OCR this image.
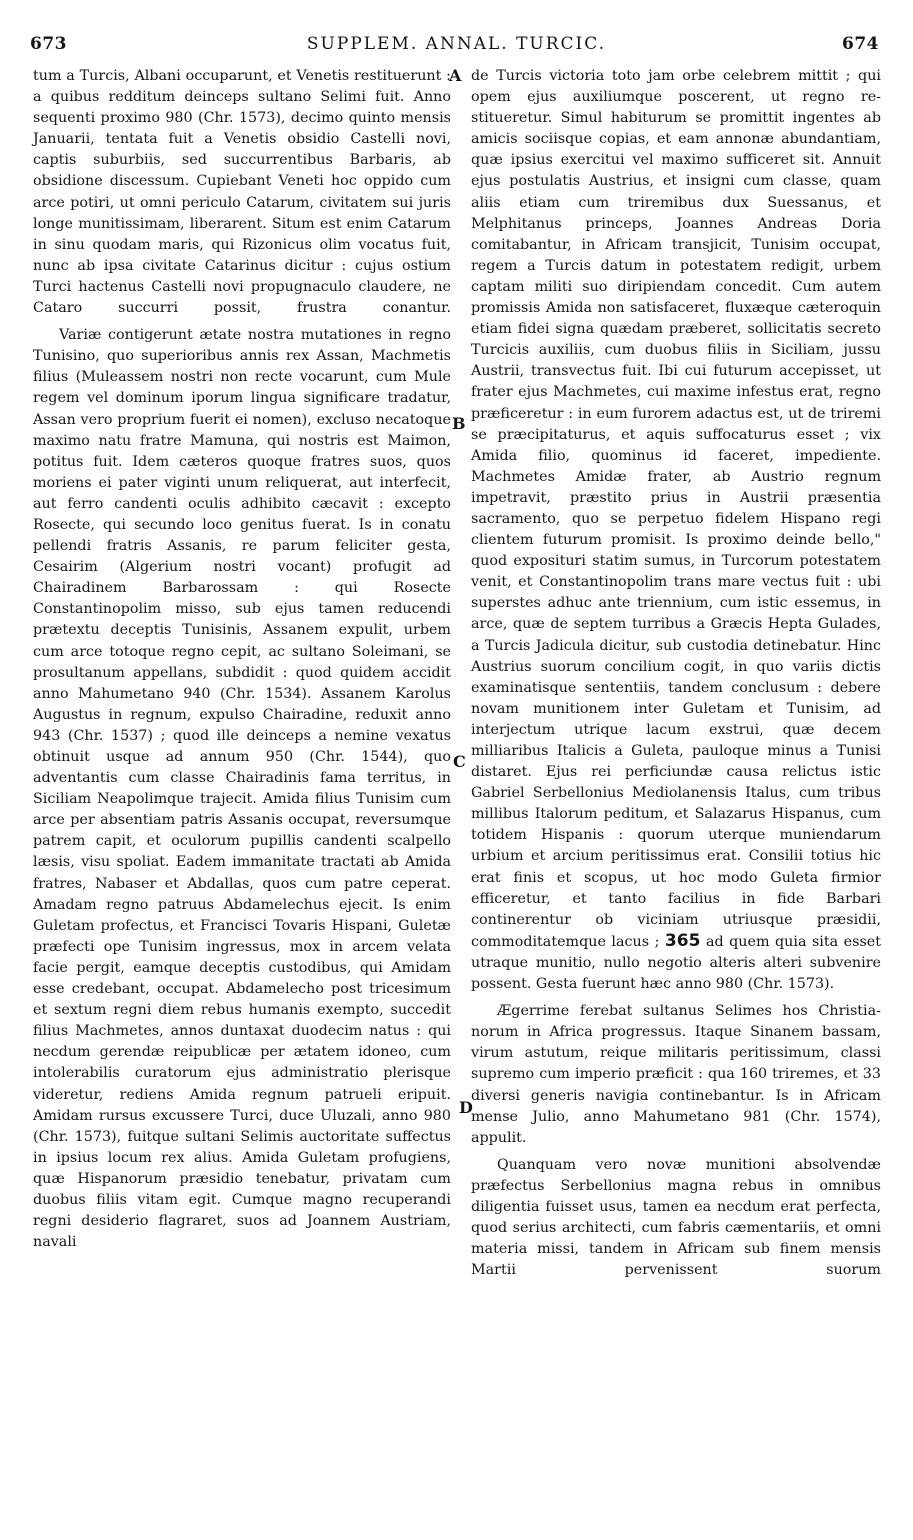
673	SUPPLEM. ANNAL. TURCIC.	674

tum a Turcis, Albani occuparunt, et Venetis restituerunt : a quibus redditum deinceps sultano Selimi fuit. Anno sequenti proximo 980 (Chr. 1573), decimo quinto mensis Januarii, tentata fuit a Venetis obsidio Castelli novi, captis suburbiis, sed succurrentibus Barbaris, ab obsidione discessum. Cupiebant Veneti hoc oppido cum arce potiri, ut omni periculo Catarum, civitatem sui juris longe munitissimam, liberarent. Situm est enim Catarum in sinu quodam maris, qui Rizonicus olim vocatus fuit, nunc ab ipsa civitate Catarinus dicitur : cujus ostium Turci hactenus Castelli novi propugnaculo claudere, ne Cataro succurri possit, frustra conantur.

Variæ contigerunt ætate nostra mutationes in regno Tunisino, quo superioribus annis rex Assan, Machmetis filius (Muleassem nostri non recte vocarunt, cum Mule regem vel dominum iporum lingua significare tradatur, Assan vero proprium fuerit ei nomen), excluso necatoque maximo natu fratre Mamuna, qui nostris est Maimon, potitus fuit. Idem cæteros quoque fratres suos, quos moriens ei pater viginti unum reliquerat, aut interfecit, aut ferro candenti oculis adhibito cæcavit : excepto Rosecte, qui secundo loco genitus fuerat. Is in conatu pellendi fratris Assanis, re parum feliciter gesta, Cesairim (Algerium nostri vocant) profugit ad Chairadinem Barbarossam : qui Rosecte Constantinopolim misso, sub ejus tamen reducendi prætextu deceptis Tunisinis, Assanem expulit, urbem cum arce totoque regno cepit, ac sultano Soleimani, se prosultanum appellans, subdidit : quod quidem accidit anno Mahumetano 940 (Chr. 1534). Assanem Karolus Augustus in regnum, expulso Chairadine, reduxit anno 943 (Chr. 1537) ; quod ille deinceps a nemine vexatus obtinuit usque ad annum 950 (Chr. 1544), quo adventantis cum classe Chairadinis fama territus, in Siciliam Neapolimque trajecit. Amida filius Tunisim cum arce per absentiam patris Assanis occupat, reversumque patrem capit, et oculorum pupillis candenti scalpello læsis, visu spoliat. Eadem immanitate tractati ab Amida fratres, Nabaser et Abdallas, quos cum patre ceperat. Amadam regno patruus Abdamelechus ejecit. Is enim Guletam profectus, et Francisci Tovaris Hispani, Guletæ præfecti ope Tunisim ingressus, mox in arcem velata facie pergit, eamque deceptis custodibus, qui Amidam esse credebant, occupat. Abdamelecho post tricesimum et sextum regni diem rebus humanis exempto, succedit filius Machmetes, annos duntaxat duodecim natus : qui necdum gerendæ reipublicæ per ætatem idoneo, cum intolerabilis curatorum ejus administratio plerisque videretur, rediens Amida regnum patrueli eripuit. Amidam rursus excussere Turci, duce Uluzali, anno 980 (Chr. 1573), fuitque sultani Selimis auctoritate suffectus in ipsius locum rex alius. Amida Guletam profugiens, quæ Hispanorum præsidio tenebatur, privatam cum duobus filiis vitam egit. Cumque magno recuperandi regni desiderio flagraret, suos ad Joannem Austriam, navali

A
B
C
D

de Turcis victoria toto jam orbe celebrem mittit ; qui opem ejus auxiliumque poscerent, ut regno restitueretur. Simul habiturum se promittit ingentes ab amicis sociisque copias, et eam annonæ abundantiam, quæ ipsius exercitui vel maximo sufficeret sit. Annuit ejus postulatis Austrius, et insigni cum classe, quam aliis etiam cum triremibus dux Suessanus, et Melphitanus princeps, Joannes Andreas Doria comitabantur, in Africam transjicit, Tunisim occupat, regem a Turcis datum in potestatem redigit, urbem captam militi suo diripiendam concedit. Cum autem promissis Amida non satisfaceret, fluxæque cæteroquin etiam fidei signa quædam præberet, sollicitatis secreto Turcicis auxiliis, cum duobus filiis in Siciliam, jussu Austrii, transvectus fuit. Ibi cui futurum accepisset, ut frater ejus Machmetes, cui maxime infestus erat, regno præficeretur : in eum furorem adactus est, ut de triremi se præcipitaturus, et aquis suffocaturus esset ; vix Amida filio, quominus id faceret, impediente. Machmetes Amidæ frater, ab Austrio regnum impetravit, præstito prius in Austrii præsentia sacramento, quo se perpetuo fidelem Hispano regi clientem futurum promisit. Is proximo deinde bello," quod exposituri statim sumus, in Turcorum potestatem venit, et Constantinopolim trans mare vectus fuit : ubi superstes adhuc ante triennium, cum istic essemus, in arce, quæ de septem turribus a Græcis Hepta Gulades, a Turcis Jadicula dicitur, sub custodia detinebatur. Hinc Austrius suorum concilium cogit, in quo variis dictis examinatisque sententiis, tandem conclusum : debere novam munitionem inter Guletam et Tunisim, ad interjectum utrique lacum exstrui, quæ decem milliaribus Italicis a Guleta, pauloque minus a Tunisi distaret. Ejus rei perficiundæ causa relictus istic Gabriel Serbellonius Mediolanensis Italus, cum tribus millibus Italorum peditum, et Salazarus Hispanus, cum totidem Hispanis : quorum uterque muniendarum urbium et arcium peritissimus erat. Consilii totius hic erat finis et scopus, ut hoc modo Guleta firmior efficeretur, et tanto facilius in fide Barbari continerentur ob viciniam utriusque præsidii, commoditatemque lacus ; 365 ad quem quia sita esset utraque munitio, nullo negotio alteris alteri subvenire possent. Gesta fuerunt hæc anno 980 (Chr. 1573).

Ægerrime ferebat sultanus Selimes hos Christianorum in Africa progressus. Itaque Sinanem bassam, virum astutum, reique militaris peritissimum, classi supremo cum imperio præficit : qua 160 triremes, et 33 diversi generis navigia continebantur. Is in Africam mense Julio, anno Mahumetano 981 (Chr. 1574), appulit.

Quanquam vero novæ munitioni absolvendæ præfectus Serbellonius magna rebus in omnibus diligentia fuisset usus, tamen ea necdum erat perfecta, quod serius architecti, cum fabris cæmentariis, et omni materia missi, tandem in Africam sub finem mensis Martii pervenissent suorum
